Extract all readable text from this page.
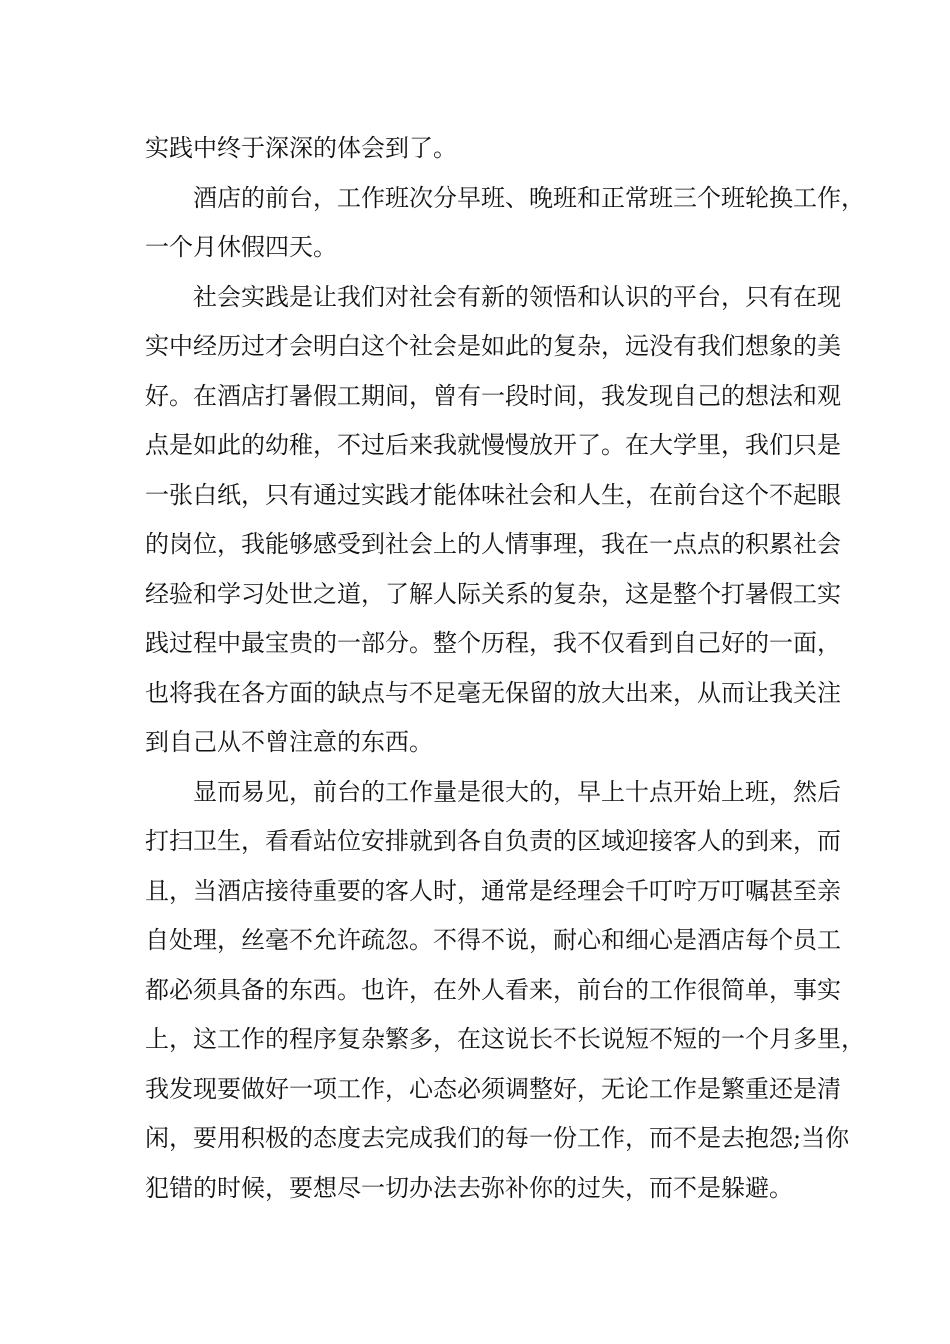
实践中终于深深的体会到了。
酒店的前台，工作班次分早班、晚班和正常班三个班轮换工作，
一个月休假四天。
社会实践是让我们对社会有新的领悟和认识的平台，只有在现
实中经历过才会明白这个社会是如此的复杂，远没有我们想象的美
好。在酒店打暑假工期间，曾有一段时间，我发现自己的想法和观
点是如此的幼稚，不过后来我就慢慢放开了。在大学里，我们只是
一张白纸，只有通过实践才能体味社会和人生，在前台这个不起眼
的岗位，我能够感受到社会上的人情事理，我在一点点的积累社会
经验和学习处世之道，了解人际关系的复杂，这是整个打暑假工实
践过程中最宝贵的一部分。整个历程，我不仅看到自己好的一面，
也将我在各方面的缺点与不足毫无保留的放大出来，从而让我关注
到自己从不曾注意的东西。
显而易见，前台的工作量是很大的，早上十点开始上班，然后
打扫卫生，看看站位安排就到各自负责的区域迎接客人的到来，而
且，当酒店接待重要的客人时，通常是经理会千叮咛万叮嘱甚至亲
自处理，丝毫不允许疏忽。不得不说，耐心和细心是酒店每个员工
都必须具备的东西。也许，在外人看来，前台的工作很简单，事实
上，这工作的程序复杂繁多，在这说长不长说短不短的一个月多里，
我发现要做好一项工作，心态必须调整好，无论工作是繁重还是清
闲，要用积极的态度去完成我们的每一份工作，而不是去抱怨;当你
犯错的时候，要想尽一切办法去弥补你的过失，而不是躲避。
